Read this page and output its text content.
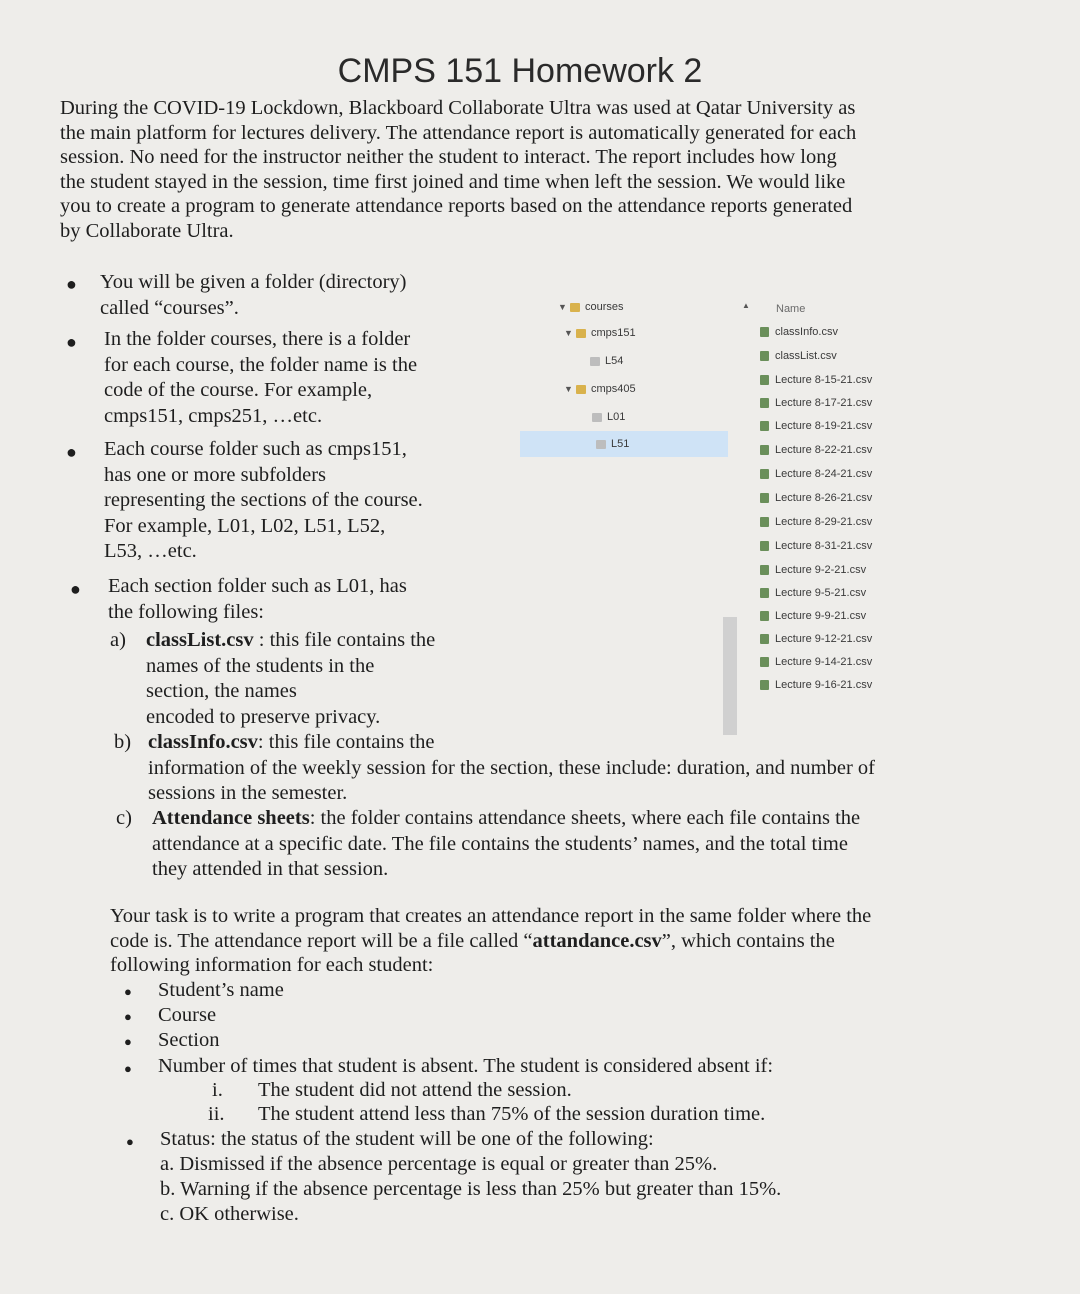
CMPS 151 Homework 2
During the COVID-19 Lockdown, Blackboard Collaborate Ultra was used at Qatar University as
the main platform for lectures delivery. The attendance report is automatically generated for each
session. No need for the instructor neither the student to interact. The report includes how long
the student stayed in the session, time first joined and time when left the session. We would like
you to create a program to generate attendance reports based on the attendance reports generated
by Collaborate Ultra.
● You will be given a folder (directory)
called “courses”.
● In the folder courses, there is a folder
for each course, the folder name is the
code of the course. For example,
cmps151, cmps251, …etc.
● Each course folder such as cmps151,
has one or more subfolders
representing the sections of the course.
For example, L01, L02, L51, L52,
L53, …etc.
● Each section folder such as L01, has
the following files:
a) classList.csv : this file contains the
names of the students in the
section, the names
encoded to preserve privacy.
b) classInfo.csv: this file contains the
information of the weekly session for the section, these include: duration, and number of
sessions in the semester.
c) Attendance sheets: the folder contains attendance sheets, where each file contains the
attendance at a specific date. The file contains the students’ names, and the total time
they attended in that session.
Your task is to write a program that creates an attendance report in the same folder where the
code is. The attendance report will be a file called “attandance.csv”, which contains the
following information for each student:
● Student’s name
● Course
● Section
● Number of times that student is absent. The student is considered absent if:
i. The student did not attend the session.
ii. The student attend less than 75% of the session duration time.
● Status: the status of the student will be one of the following:
a. Dismissed if the absence percentage is equal or greater than 25%.
b. Warning if the absence percentage is less than 25% but greater than 15%.
c. OK otherwise.
▼ courses
▼ cmps151
L54
▼ cmps405
L01
L51
▲ Name
classInfo.csv
classList.csv
Lecture 8-15-21.csv
Lecture 8-17-21.csv
Lecture 8-19-21.csv
Lecture 8-22-21.csv
Lecture 8-24-21.csv
Lecture 8-26-21.csv
Lecture 8-29-21.csv
Lecture 8-31-21.csv
Lecture 9-2-21.csv
Lecture 9-5-21.csv
Lecture 9-9-21.csv
Lecture 9-12-21.csv
Lecture 9-14-21.csv
Lecture 9-16-21.csv
